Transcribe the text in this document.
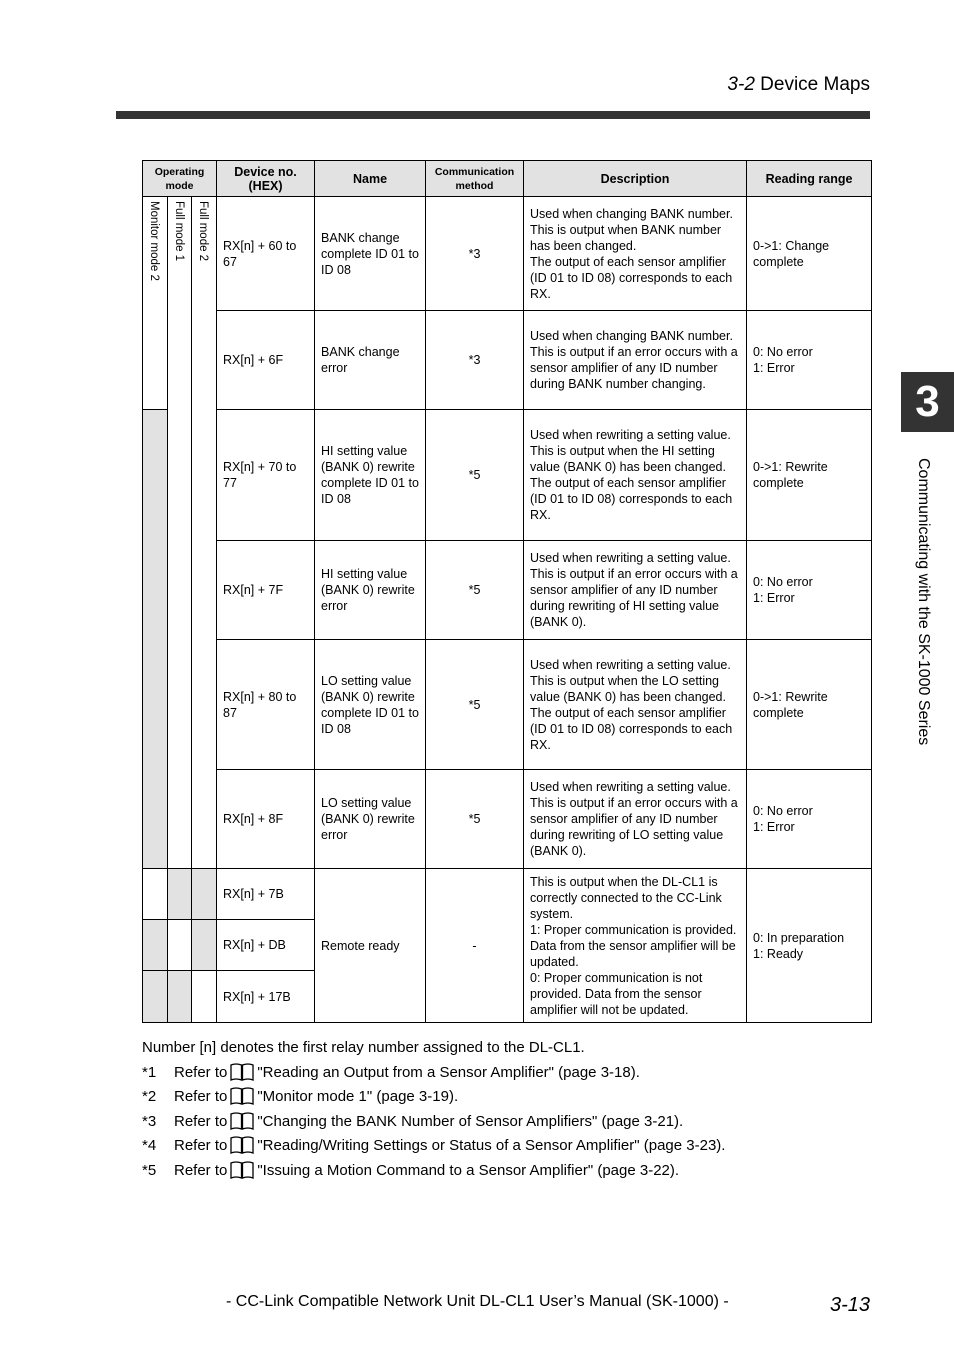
3-2 Device Maps
3
Communicating with the SK-1000 Series
Operating mode			Device no. (HEX)	Name	Communication method	Description	Reading range
Monitor mode 2	Full mode 1	Full mode 2	RX[n] + 60 to 67	BANK change complete ID 01 to ID 08	*3	Used when changing BANK number.
This is output when BANK number has been changed.
The output of each sensor amplifier (ID 01 to ID 08) corresponds to each RX.	0->1: Change complete
			RX[n] + 6F	BANK change error	*3	Used when changing BANK number.
This is output if an error occurs with a sensor amplifier of any ID number during BANK number changing.	0: No error
1: Error
			RX[n] + 70 to 77	HI setting value (BANK 0) rewrite complete ID 01 to ID 08	*5	Used when rewriting a setting value.
This is output when the HI setting value (BANK 0) has been changed.
The output of each sensor amplifier (ID 01 to ID 08) corresponds to each RX.	0->1: Rewrite complete
			RX[n] + 7F	HI setting value (BANK 0) rewrite error	*5	Used when rewriting a setting value.
This is output if an error occurs with a sensor amplifier of any ID number during rewriting of HI setting value (BANK 0).	0: No error
1: Error
			RX[n] + 80 to 87	LO setting value (BANK 0) rewrite complete ID 01 to ID 08	*5	Used when rewriting a setting value.
This is output when the LO setting value (BANK 0) has been changed.
The output of each sensor amplifier (ID 01 to ID 08) corresponds to each RX.	0->1: Rewrite complete
			RX[n] + 8F	LO setting value (BANK 0) rewrite error	*5	Used when rewriting a setting value.
This is output if an error occurs with a sensor amplifier of any ID number during rewriting of LO setting value (BANK 0).	0: No error
1: Error
			RX[n] + 7B	Remote ready	-	This is output when the DL-CL1 is correctly connected to the CC-Link system.
1: Proper communication is provided. Data from the sensor amplifier will be updated.
0: Proper communication is not provided. Data from the sensor amplifier will not be updated.	0: In preparation
1: Ready
			RX[n] + DB				
			RX[n] + 17B				
Number [n] denotes the first relay number assigned to the DL-CL1.
*1 Refer to "Reading an Output from a Sensor Amplifier" (page 3-18).
*2 Refer to "Monitor mode 1" (page 3-19).
*3 Refer to "Changing the BANK Number of Sensor Amplifiers" (page 3-21).
*4 Refer to "Reading/Writing Settings or Status of a Sensor Amplifier" (page 3-23).
*5 Refer to "Issuing a Motion Command to a Sensor Amplifier" (page 3-22).
- CC-Link Compatible Network Unit DL-CL1 User’s Manual (SK-1000) -	3-13
